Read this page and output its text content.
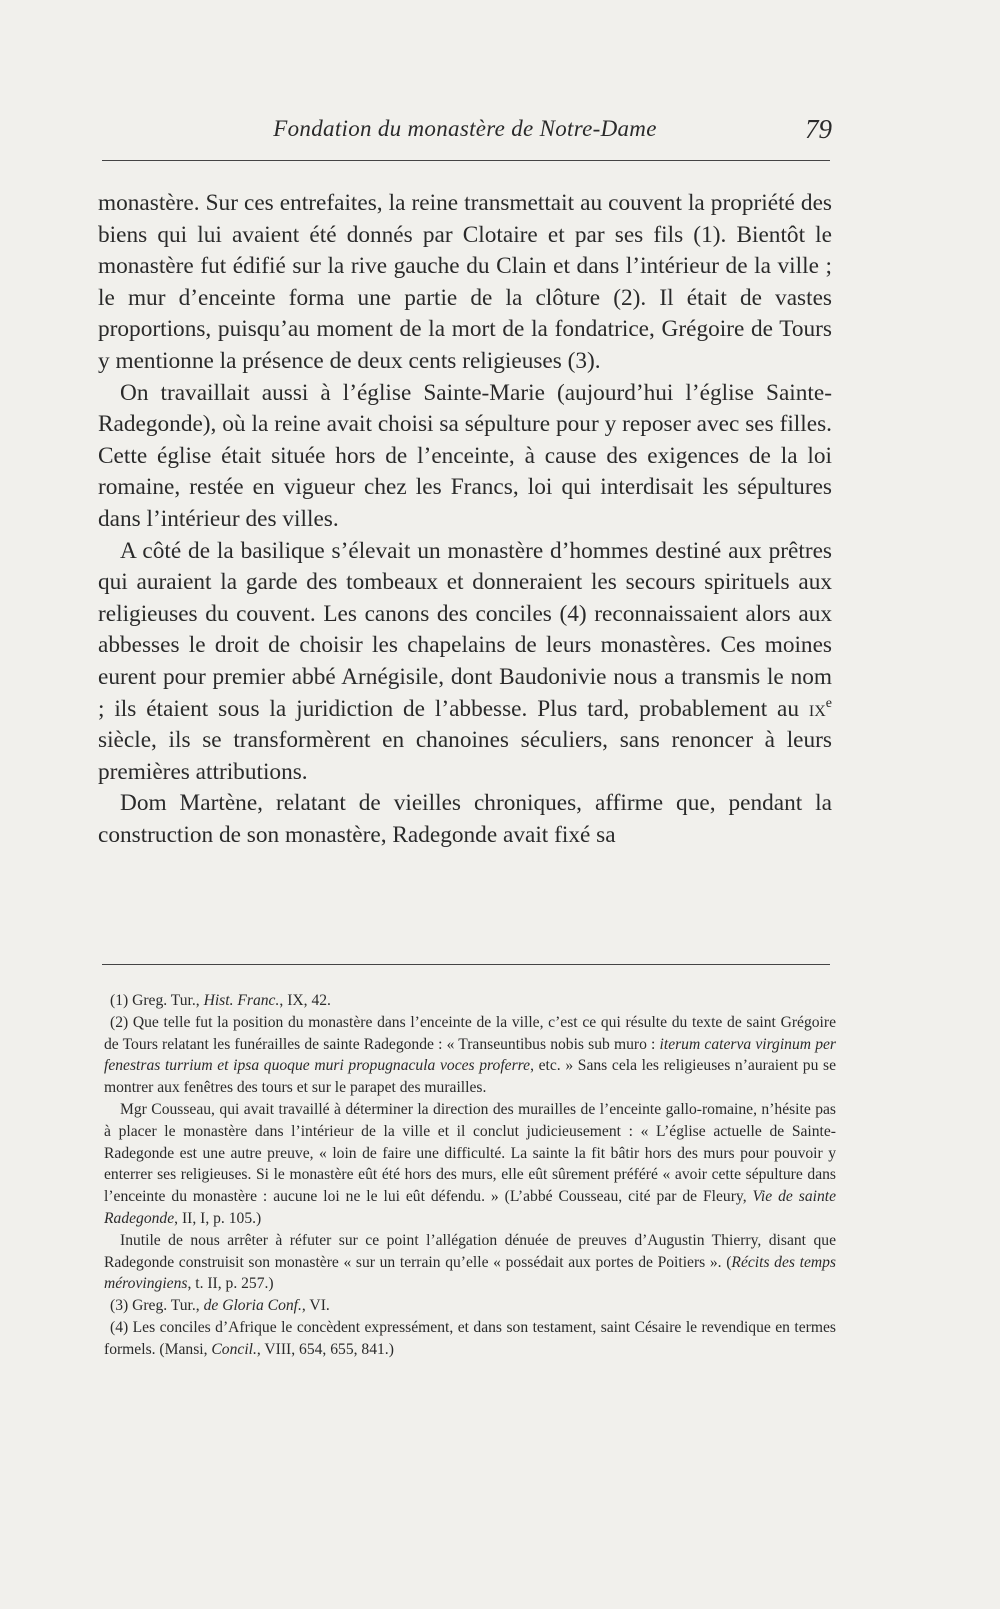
Fondation du monastère de Notre-Dame	79

monastère. Sur ces entrefaites, la reine transmettait au couvent la propriété des biens qui lui avaient été donnés par Clotaire et par ses fils (1). Bientôt le monastère fut édifié sur la rive gauche du Clain et dans l’intérieur de la ville ; le mur d’enceinte forma une partie de la clôture (2). Il était de vastes proportions, puisqu’au moment de la mort de la fondatrice, Grégoire de Tours y mentionne la présence de deux cents religieuses (3).

On travaillait aussi à l’église Sainte-Marie (aujourd’hui l’église Sainte-Radegonde), où la reine avait choisi sa sépulture pour y reposer avec ses filles. Cette église était située hors de l’enceinte, à cause des exigences de la loi romaine, restée en vigueur chez les Francs, loi qui interdisait les sépultures dans l’intérieur des villes.

A côté de la basilique s’élevait un monastère d’hommes destiné aux prêtres qui auraient la garde des tombeaux et donneraient les secours spirituels aux religieuses du couvent. Les canons des conciles (4) reconnaissaient alors aux abbesses le droit de choisir les chapelains de leurs monastères. Ces moines eurent pour premier abbé Arnégisile, dont Baudonivie nous a transmis le nom ; ils étaient sous la juridiction de l’abbesse. Plus tard, probablement au $ix^e$ siècle, ils se transformèrent en chanoines séculiers, sans renoncer à leurs premières attributions.

Dom Martène, relatant de vieilles chroniques, affirme que, pendant la construction de son monastère, Radegonde avait fixé sa

(1) Greg. Tur., Hist. Franc., IX, 42.

(2) Que telle fut la position du monastère dans l’enceinte de la ville, c’est ce qui résulte du texte de saint Grégoire de Tours relatant les funérailles de sainte Radegonde : « Transeuntibus nobis sub muro : iterum caterva virginum per fenestras turrium et ipsa quoque muri propugnacula voces proferre, etc. » Sans cela les religieuses n’auraient pu se montrer aux fenêtres des tours et sur le parapet des murailles.

Mgr Cousseau, qui avait travaillé à déterminer la direction des murailles de l’enceinte gallo-romaine, n’hésite pas à placer le monastère dans l’intérieur de la ville et il conclut judicieusement : « L’église actuelle de Sainte-Radegonde est une autre preuve, « loin de faire une difficulté. La sainte la fit bâtir hors des murs pour pouvoir y enterrer ses religieuses. Si le monastère eût été hors des murs, elle eût sûrement préféré « avoir cette sépulture dans l’enceinte du monastère : aucune loi ne le lui eût défendu. » (L’abbé Cousseau, cité par de Fleury, Vie de sainte Radegonde, II, I, p. 105.)

Inutile de nous arrêter à réfuter sur ce point l’allégation dénuée de preuves d’Augustin Thierry, disant que Radegonde construisit son monastère « sur un terrain qu’elle « possédait aux portes de Poitiers ». (Récits des temps mérovingiens, t. II, p. 257.)

(3) Greg. Tur., de Gloria Conf., VI.

(4) Les conciles d’Afrique le concèdent expressément, et dans son testament, saint Césaire le revendique en termes formels. (Mansi, Concil., VIII, 654, 655, 841.)
